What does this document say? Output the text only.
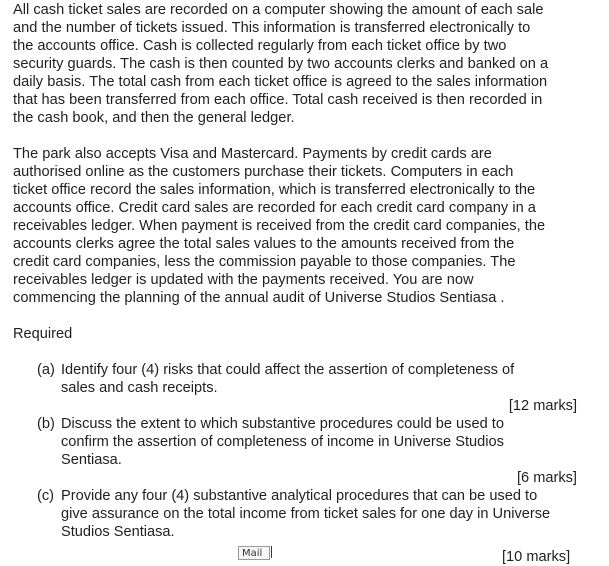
All cash ticket sales are recorded on a computer showing the amount of each sale
and the number of tickets issued. This information is transferred electronically to
the accounts office. Cash is collected regularly from each ticket office by two
security guards. The cash is then counted by two accounts clerks and banked on a
daily basis. The total cash from each ticket office is agreed to the sales information
that has been transferred from each office. Total cash received is then recorded in
the cash book, and then the general ledger.

The park also accepts Visa and Mastercard. Payments by credit cards are
authorised online as the customers purchase their tickets. Computers in each
ticket office record the sales information, which is transferred electronically to the
accounts office. Credit card sales are recorded for each credit card company in a
receivables ledger. When payment is received from the credit card companies, the
accounts clerks agree the total sales values to the amounts received from the
credit card companies, less the commission payable to those companies. The
receivables ledger is updated with the payments received. You are now
commencing the planning of the annual audit of Universe Studios Sentiasa .

Required

(a) Identify four (4) risks that could affect the assertion of completeness of
sales and cash receipts.
[12 marks]
(b) Discuss the extent to which substantive procedures could be used to
confirm the assertion of completeness of income in Universe Studios
Sentiasa.
[6 marks]
(c) Provide any four (4) substantive analytical procedures that can be used to
give assurance on the total income from ticket sales for one day in Universe
Studios Sentiasa.
Mail	[10 marks]
